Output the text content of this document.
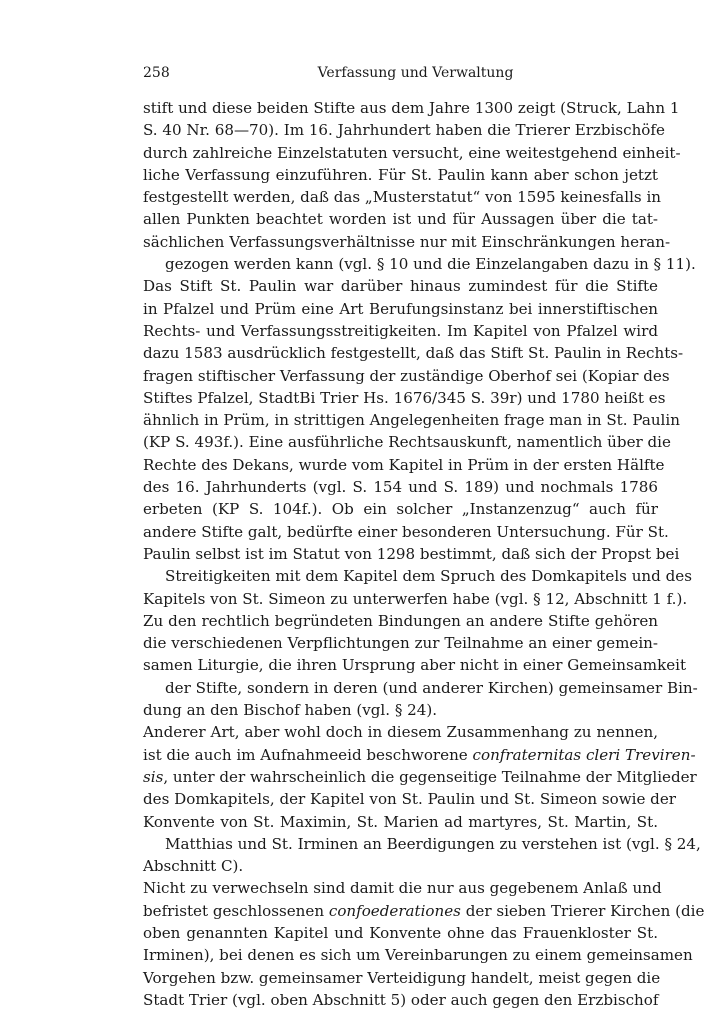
258	Verfassung und Verwaltung
stift und diese beiden Stifte aus dem Jahre 1300 zeigt (Struck, Lahn 1
S. 40 Nr. 68—70). Im 16. Jahrhundert haben die Trierer Erzbischöfe
durch zahlreiche Einzelstatuten versucht, eine weitestgehend einheit-
liche Verfassung einzuführen. Für St. Paulin kann aber schon jetzt
festgestellt werden, daß das „Musterstatut“ von 1595 keinesfalls in
allen Punkten beachtet worden ist und für Aussagen über die tat-
sächlichen Verfassungsverhältnisse nur mit Einschränkungen heran-
gezogen werden kann (vgl. § 10 und die Einzelangaben dazu in § 11).
Das Stift St. Paulin war darüber hinaus zumindest für die Stifte
in Pfalzel und Prüm eine Art Berufungsinstanz bei innerstiftischen
Rechts- und Verfassungsstreitigkeiten. Im Kapitel von Pfalzel wird
dazu 1583 ausdrücklich festgestellt, daß das Stift St. Paulin in Rechts-
fragen stiftischer Verfassung der zuständige Oberhof sei (Kopiar des
Stiftes Pfalzel, StadtBi Trier Hs. 1676/345 S. 39r) und 1780 heißt es
ähnlich in Prüm, in strittigen Angelegenheiten frage man in St. Paulin
(KP S. 493f.). Eine ausführliche Rechtsauskunft, namentlich über die
Rechte des Dekans, wurde vom Kapitel in Prüm in der ersten Hälfte
des 16. Jahrhunderts (vgl. S. 154 und S. 189) und nochmals 1786
erbeten (KP S. 104f.). Ob ein solcher „Instanzenzug“ auch für
andere Stifte galt, bedürfte einer besonderen Untersuchung. Für St.
Paulin selbst ist im Statut von 1298 bestimmt, daß sich der Propst bei
Streitigkeiten mit dem Kapitel dem Spruch des Domkapitels und des
Kapitels von St. Simeon zu unterwerfen habe (vgl. § 12, Abschnitt 1 f.).
Zu den rechtlich begründeten Bindungen an andere Stifte gehören
die verschiedenen Verpflichtungen zur Teilnahme an einer gemein-
samen Liturgie, die ihren Ursprung aber nicht in einer Gemeinsamkeit
der Stifte, sondern in deren (und anderer Kirchen) gemeinsamer Bin-
dung an den Bischof haben (vgl. § 24).
Anderer Art, aber wohl doch in diesem Zusammenhang zu nennen,
ist die auch im Aufnahmeeid beschworene confraternitas cleri Treviren-
sis, unter der wahrscheinlich die gegenseitige Teilnahme der Mitglieder
des Domkapitels, der Kapitel von St. Paulin und St. Simeon sowie der
Konvente von St. Maximin, St. Marien ad martyres, St. Martin, St.
Matthias und St. Irminen an Beerdigungen zu verstehen ist (vgl. § 24,
Abschnitt C).
Nicht zu verwechseln sind damit die nur aus gegebenem Anlaß und
befristet geschlossenen confoederationes der sieben Trierer Kirchen (die
oben genannten Kapitel und Konvente ohne das Frauenkloster St.
Irminen), bei denen es sich um Vereinbarungen zu einem gemeinsamen
Vorgehen bzw. gemeinsamer Verteidigung handelt, meist gegen die
Stadt Trier (vgl. oben Abschnitt 5) oder auch gegen den Erzbischof
